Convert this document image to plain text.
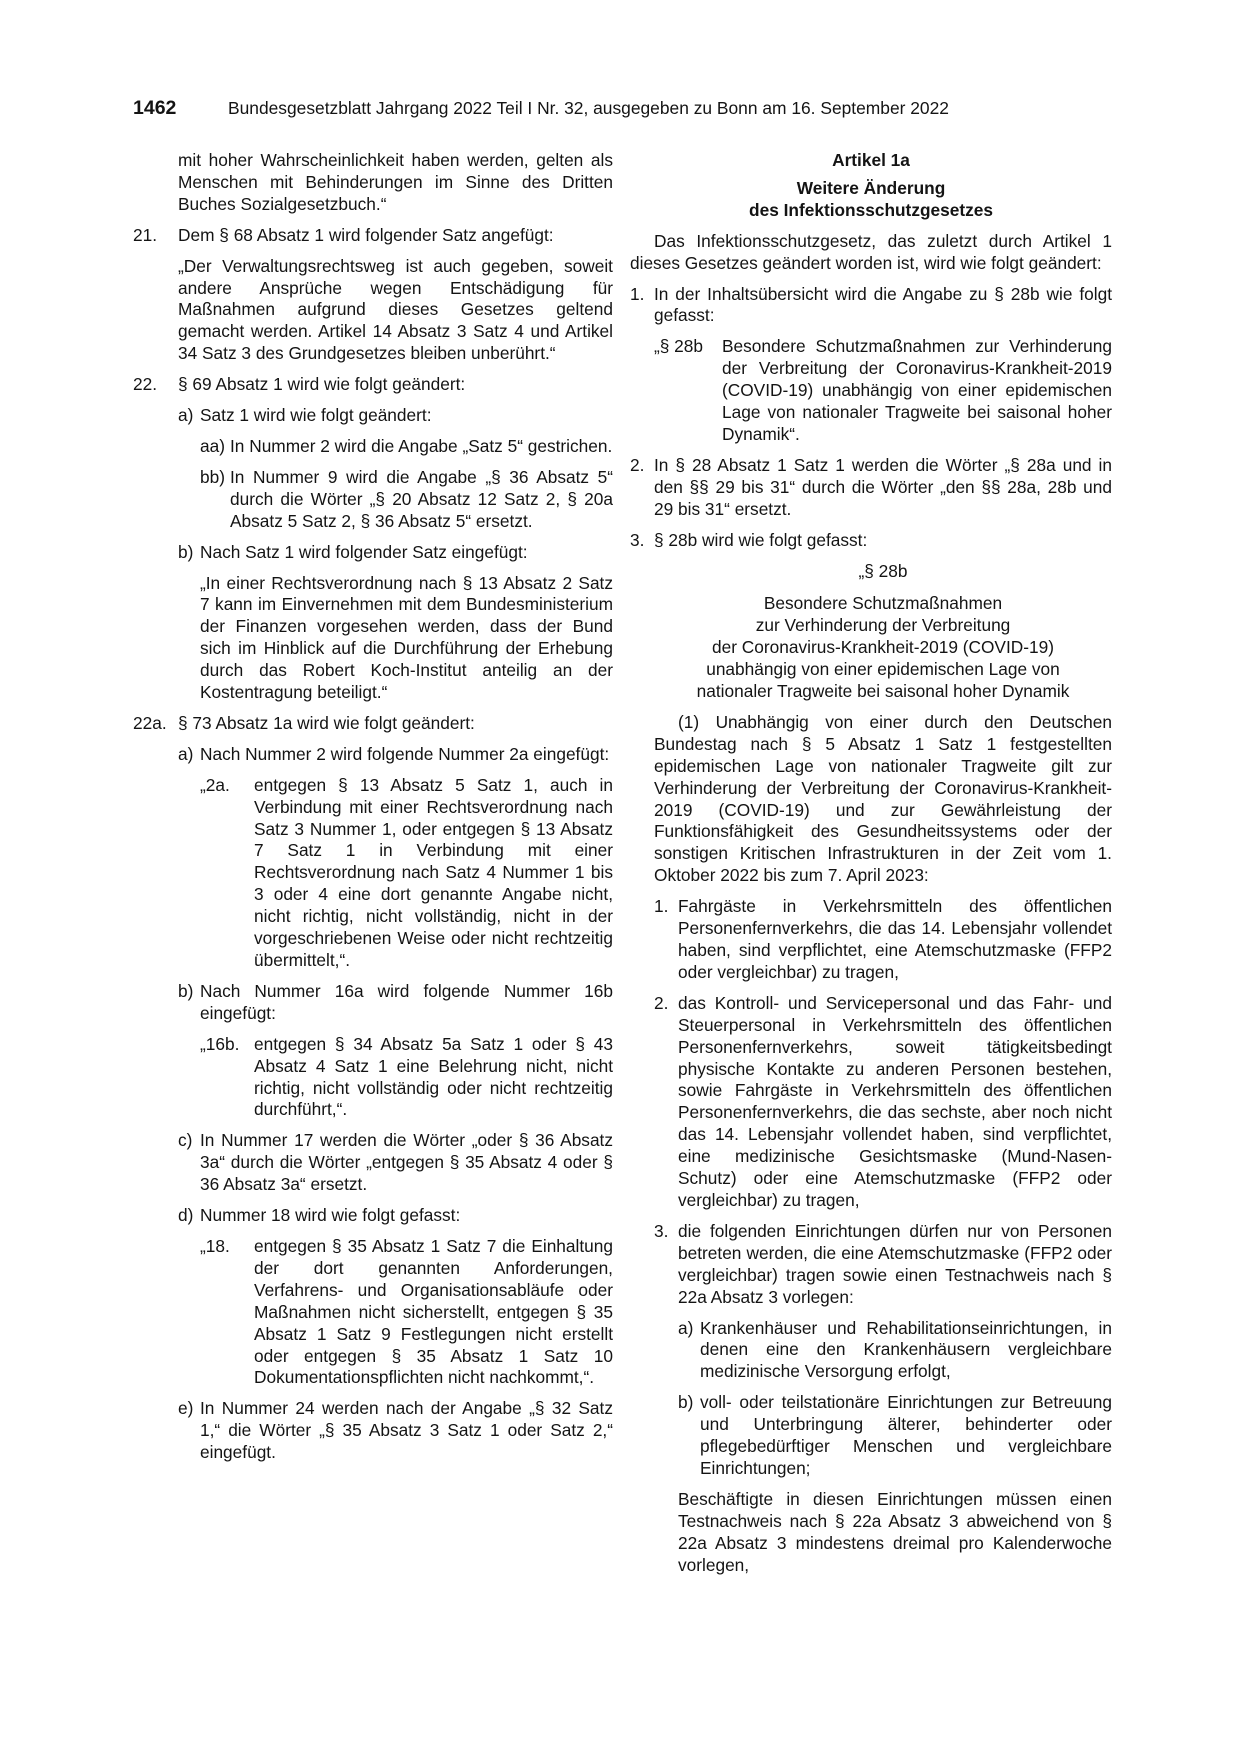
1462	Bundesgesetzblatt Jahrgang 2022 Teil I Nr. 32, ausgegeben zu Bonn am 16. September 2022
mit hoher Wahrscheinlichkeit haben werden, gelten als Menschen mit Behinderungen im Sinne des Dritten Buches Sozialgesetzbuch.“
21.	Dem § 68 Absatz 1 wird folgender Satz angefügt:
„Der Verwaltungsrechtsweg ist auch gegeben, soweit andere Ansprüche wegen Entschädigung für Maßnahmen aufgrund dieses Gesetzes geltend gemacht werden. Artikel 14 Absatz 3 Satz 4 und Artikel 34 Satz 3 des Grundgesetzes bleiben unberührt.“
22.	§ 69 Absatz 1 wird wie folgt geändert:
a) Satz 1 wird wie folgt geändert:
aa) In Nummer 2 wird die Angabe „Satz 5“ gestrichen.
bb) In Nummer 9 wird die Angabe „§ 36 Absatz 5“ durch die Wörter „§ 20 Absatz 12 Satz 2, § 20a Absatz 5 Satz 2, § 36 Absatz 5“ ersetzt.
b) Nach Satz 1 wird folgender Satz eingefügt:
„In einer Rechtsverordnung nach § 13 Absatz 2 Satz 7 kann im Einvernehmen mit dem Bundesministerium der Finanzen vorgesehen werden, dass der Bund sich im Hinblick auf die Durchführung der Erhebung durch das Robert Koch-Institut anteilig an der Kostentragung beteiligt.“
22a. § 73 Absatz 1a wird wie folgt geändert:
a) Nach Nummer 2 wird folgende Nummer 2a eingefügt:
„2a.	entgegen § 13 Absatz 5 Satz 1, auch in Verbindung mit einer Rechtsverordnung nach Satz 3 Nummer 1, oder entgegen § 13 Absatz 7 Satz 1 in Verbindung mit einer Rechtsverordnung nach Satz 4 Nummer 1 bis 3 oder 4 eine dort genannte Angabe nicht, nicht richtig, nicht vollständig, nicht in der vorgeschriebenen Weise oder nicht rechtzeitig übermittelt,“.
b) Nach Nummer 16a wird folgende Nummer 16b eingefügt:
„16b. entgegen § 34 Absatz 5a Satz 1 oder § 43 Absatz 4 Satz 1 eine Belehrung nicht, nicht richtig, nicht vollständig oder nicht rechtzeitig durchführt,“.
c) In Nummer 17 werden die Wörter „oder § 36 Absatz 3a“ durch die Wörter „entgegen § 35 Absatz 4 oder § 36 Absatz 3a“ ersetzt.
d) Nummer 18 wird wie folgt gefasst:
„18.	entgegen § 35 Absatz 1 Satz 7 die Einhaltung der dort genannten Anforderungen, Verfahrens- und Organisationsabläufe oder Maßnahmen nicht sicherstellt, entgegen § 35 Absatz 1 Satz 9 Festlegungen nicht erstellt oder entgegen § 35 Absatz 1 Satz 10 Dokumentationspflichten nicht nachkommt,“.
e) In Nummer 24 werden nach der Angabe „§ 32 Satz 1,“ die Wörter „§ 35 Absatz 3 Satz 1 oder Satz 2,“ eingefügt.
Artikel 1a
Weitere Änderung
des Infektionsschutzgesetzes
Das Infektionsschutzgesetz, das zuletzt durch Artikel 1 dieses Gesetzes geändert worden ist, wird wie folgt geändert:
1. In der Inhaltsübersicht wird die Angabe zu § 28b wie folgt gefasst:
„§ 28b	Besondere Schutzmaßnahmen zur Verhinderung der Verbreitung der Coronavirus-Krankheit-2019 (COVID-19) unabhängig von einer epidemischen Lage von nationaler Tragweite bei saisonal hoher Dynamik“.
2. In § 28 Absatz 1 Satz 1 werden die Wörter „§ 28a und in den §§ 29 bis 31“ durch die Wörter „den §§ 28a, 28b und 29 bis 31“ ersetzt.
3. § 28b wird wie folgt gefasst:
„§ 28b
Besondere Schutzmaßnahmen
zur Verhinderung der Verbreitung
der Coronavirus-Krankheit-2019 (COVID-19)
unabhängig von einer epidemischen Lage von
nationaler Tragweite bei saisonal hoher Dynamik
(1) Unabhängig von einer durch den Deutschen Bundestag nach § 5 Absatz 1 Satz 1 festgestellten epidemischen Lage von nationaler Tragweite gilt zur Verhinderung der Verbreitung der Coronavirus-Krankheit-2019 (COVID-19) und zur Gewährleistung der Funktionsfähigkeit des Gesundheitssystems oder der sonstigen Kritischen Infrastrukturen in der Zeit vom 1. Oktober 2022 bis zum 7. April 2023:
1. Fahrgäste in Verkehrsmitteln des öffentlichen Personenfernverkehrs, die das 14. Lebensjahr vollendet haben, sind verpflichtet, eine Atemschutzmaske (FFP2 oder vergleichbar) zu tragen,
2. das Kontroll- und Servicepersonal und das Fahr- und Steuerpersonal in Verkehrsmitteln des öffentlichen Personenfernverkehrs, soweit tätigkeitsbedingt physische Kontakte zu anderen Personen bestehen, sowie Fahrgäste in Verkehrsmitteln des öffentlichen Personenfernverkehrs, die das sechste, aber noch nicht das 14. Lebensjahr vollendet haben, sind verpflichtet, eine medizinische Gesichtsmaske (Mund-Nasen-Schutz) oder eine Atemschutzmaske (FFP2 oder vergleichbar) zu tragen,
3. die folgenden Einrichtungen dürfen nur von Personen betreten werden, die eine Atemschutzmaske (FFP2 oder vergleichbar) tragen sowie einen Testnachweis nach § 22a Absatz 3 vorlegen:
a) Krankenhäuser und Rehabilitationseinrichtungen, in denen eine den Krankenhäusern vergleichbare medizinische Versorgung erfolgt,
b) voll- oder teilstationäre Einrichtungen zur Betreuung und Unterbringung älterer, behinderter oder pflegebedürftiger Menschen und vergleichbare Einrichtungen;
Beschäftigte in diesen Einrichtungen müssen einen Testnachweis nach § 22a Absatz 3 abweichend von § 22a Absatz 3 mindestens dreimal pro Kalenderwoche vorlegen,
